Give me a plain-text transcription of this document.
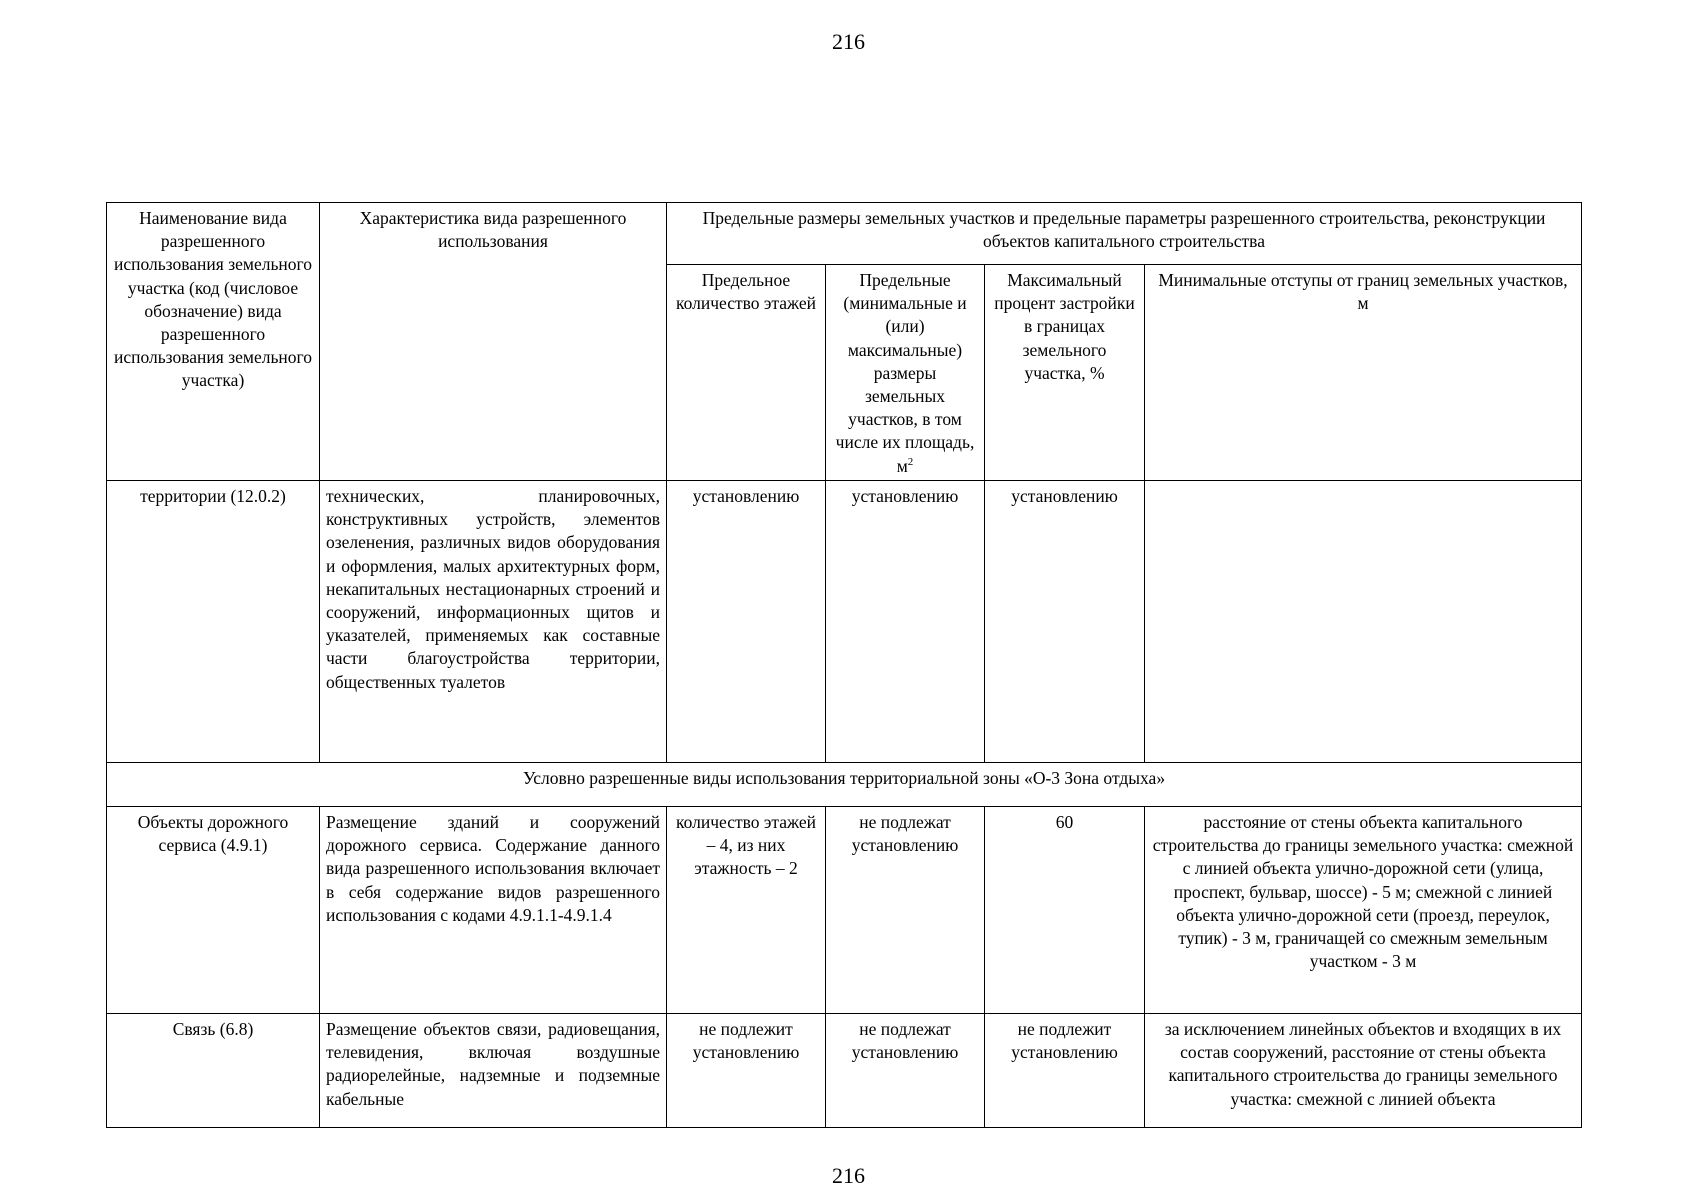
216
Наименование вида разрешенного использования земельного участка (код (числовое обозначение) вида разрешенного использования земельного участка)	Характеристика вида разрешенного использования	Предельные размеры земельных участков и предельные параметры разрешенного строительства, реконструкции объектов капитального строительства			
		Предельное количество этажей	Предельные (минимальные и (или) максимальные) размеры земельных участков, в том числе их площадь, $м^2$	Максимальный процент застройки в границах земельного участка, %	Минимальные отступы от границ земельных участков, м
территории (12.0.2)	технических, планировочных, конструктивных устройств, элементов озеленения, различных видов оборудования и оформления, малых архитектурных форм, некапитальных нестационарных строений и сооружений, информационных щитов и указателей, применяемых как составные части благоустройства территории, общественных туалетов	установлению	установлению	установлению	
Условно разрешенные виды использования территориальной зоны «О-3 Зона отдыха»					
Объекты дорожного сервиса (4.9.1)	Размещение зданий и сооружений дорожного сервиса. Содержание данного вида разрешенного использования включает в себя содержание видов разрешенного использования с кодами 4.9.1.1-4.9.1.4	количество этажей – 4, из них этажность – 2	не подлежат установлению	60	расстояние от стены объекта капитального строительства до границы земельного участка: смежной с линией объекта улично-дорожной сети (улица, проспект, бульвар, шоссе) - 5 м; смежной с линией объекта улично-дорожной сети (проезд, переулок, тупик) - 3 м, граничащей со смежным земельным участком - 3 м
Связь (6.8)	Размещение объектов связи, радиовещания, телевидения, включая воздушные радиорелейные, надземные и подземные кабельные	не подлежит установлению	не подлежат установлению	не подлежит установлению	за исключением линейных объектов и входящих в их состав сооружений, расстояние от стены объекта капитального строительства до границы земельного участка: смежной с линией объекта
216
